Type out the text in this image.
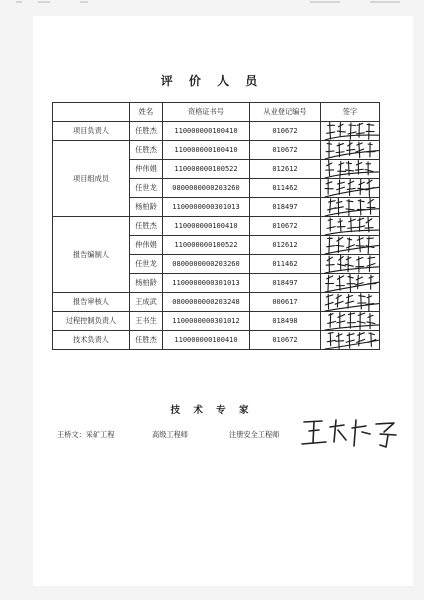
评 价 人 员
	姓名	资格证书号	从业登记编号	签字
项目负责人	任胜杰	110000000100410	010672	

项目组成员	任胜杰	110000000100410	010672	

	仲伟娟	110000000100522	012612	

	任世龙	0800000000203260	011462	

	杨柏龄	1100000000301013	018497	

报告编制人	任胜杰	110000000100410	010672	

	仲伟娟	110000000100522	012612	

	任世龙	0800000000203260	011462	

	杨柏龄	1100000000301013	018497	

报告审核人	王成武	0800000000203248	000617	

过程控制负责人	王书生	1100000000301012	018498	

技术负责人	任胜杰	110000000100410	010672	
技 术 专 家
王桥文：采矿工程	高级工程师	注册安全工程师
